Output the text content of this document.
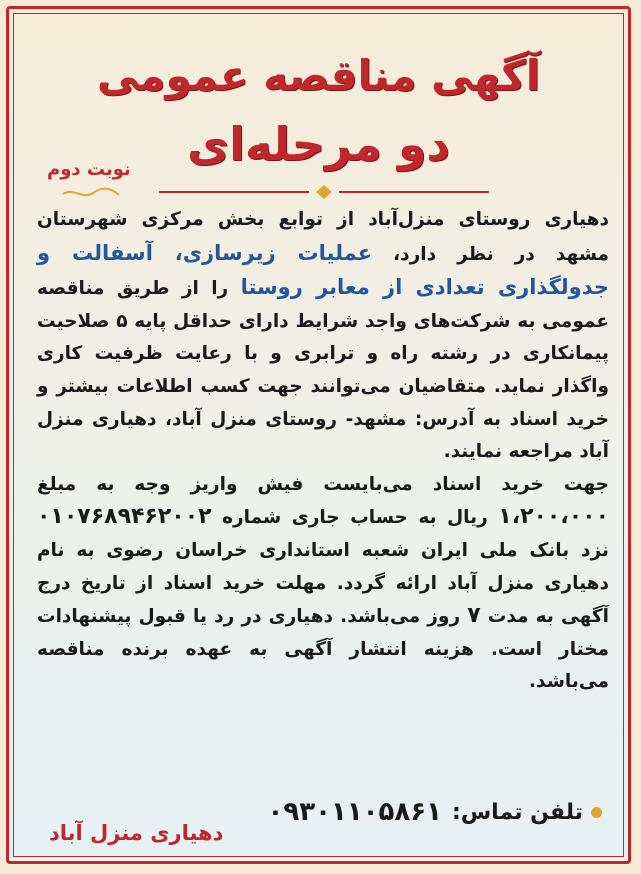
آگهی مناقصه عمومی
دو مرحله‌ای
نوبت دوم
دهیاری روستای منزل‌آباد از توابع بخش مرکزی شهرستان مشهد در نظر دارد، عملیات زیرسازی، آسفالت و جدولگذاری تعدادی از معابر روستا را از طریق مناقصه عمومی به شرکت‌های واجد شرایط دارای حداقل پایه ۵ صلاحیت پیمانکاری در رشته راه و ترابری و با رعایت ظرفیت کاری واگذار نماید. متقاضیان می‌توانند جهت کسب اطلاعات بیشتر و خرید اسناد به آدرس: مشهد- روستای منزل آباد، دهیاری منزل آباد مراجعه نمایند.
جهت خرید اسناد می‌بایست فیش واریز وجه به مبلغ ۱،۲۰۰،۰۰۰ ریال به حساب جاری شماره ۰۱۰۷۶۸۹۴۶۲۰۰۲ نزد بانک ملی ایران شعبه استانداری خراسان رضوی به نام دهیاری منزل آباد ارائه گردد. مهلت خرید اسناد از تاریخ درج آگهی به مدت ۷ روز می‌باشد. دهیاری در رد یا قبول پیشنهادات مختار است. هزینه انتشار آگهی به عهده برنده مناقصه می‌باشد.
تلفن تماس:
۰۹۳۰۱۱۰۵۸۶۱
دهیاری منزل آباد
